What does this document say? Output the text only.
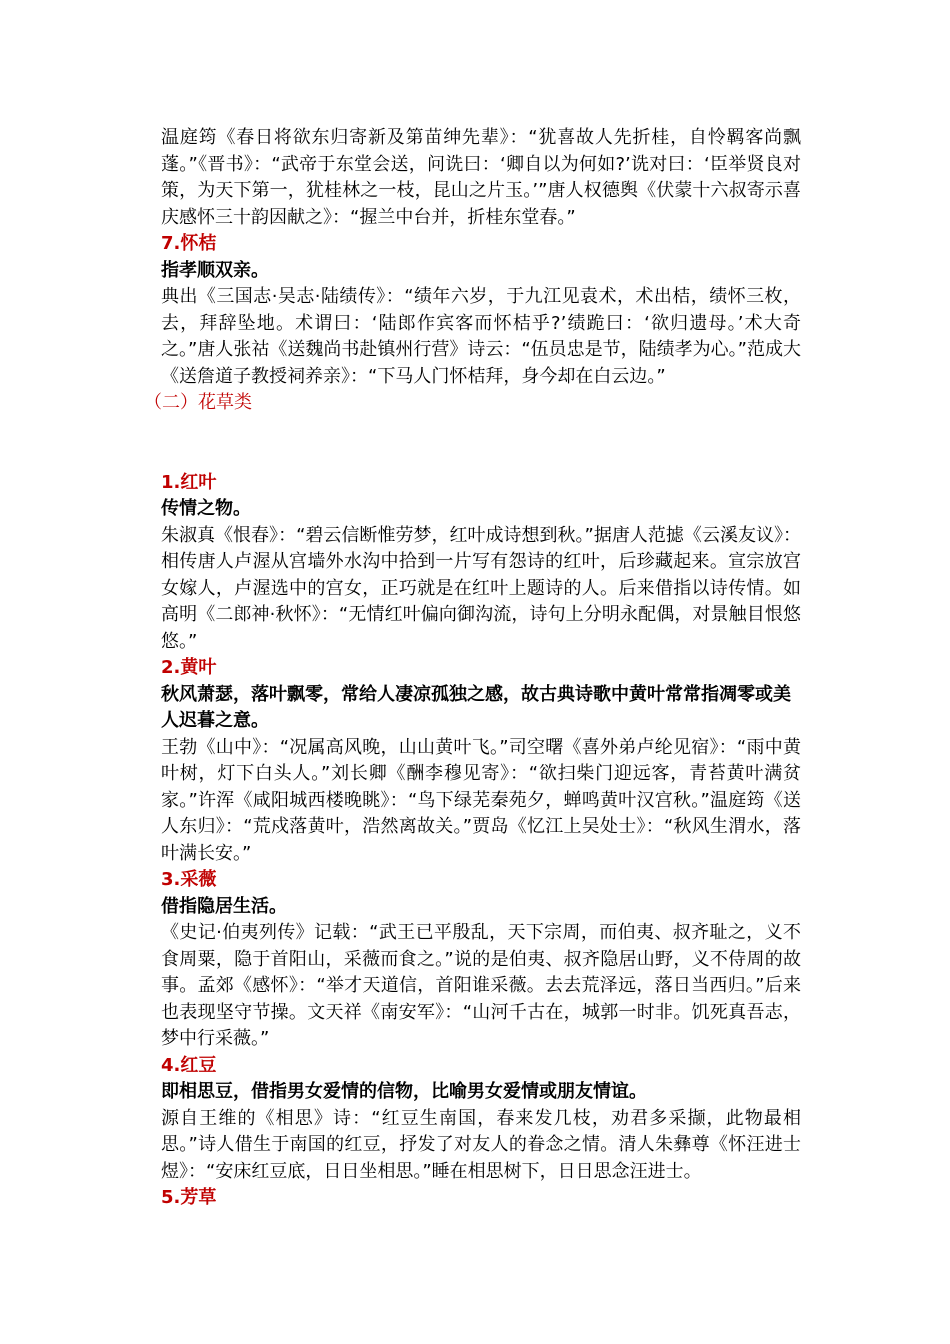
温庭筠《春日将欲东归寄新及第苗绅先辈》：“犹喜故人先折桂，自怜羁客尚飘蓬。”《晋书》：“武帝于东堂会送，问诜曰：‘卿自以为何如?’诜对曰：‘臣举贤良对策，为天下第一，犹桂林之一枝，昆山之片玉。’”唐人权德舆《伏蒙十六叔寄示喜庆感怀三十韵因献之》：“握兰中台并，折桂东堂春。”

7.怀桔

指孝顺双亲。

典出《三国志·吴志·陆绩传》：“绩年六岁，于九江见袁术，术出桔，绩怀三枚，去，拜辞坠地。术谓曰：‘陆郎作宾客而怀桔乎?’绩跪曰：‘欲归遗母。’术大奇之。”唐人张祜《送魏尚书赴镇州行营》诗云：“伍员忠是节，陆绩孝为心。”范成大《送詹道子教授祠养亲》：“下马人门怀桔拜，身今却在白云边。”

（二）花草类

1.红叶

传情之物。

朱淑真《恨春》：“碧云信断惟劳梦，红叶成诗想到秋。”据唐人范摅《云溪友议》：相传唐人卢渥从宫墙外水沟中拾到一片写有怨诗的红叶，后珍藏起来。宣宗放宫女嫁人，卢渥选中的宫女，正巧就是在红叶上题诗的人。后来借指以诗传情。如高明《二郎神·秋怀》：“无情红叶偏向御沟流，诗句上分明永配偶，对景触目恨悠悠。”

2.黄叶

秋风萧瑟，落叶飘零，常给人凄凉孤独之感，故古典诗歌中黄叶常常指凋零或美人迟暮之意。

王勃《山中》：“况属高风晚，山山黄叶飞。”司空曙《喜外弟卢纶见宿》：“雨中黄叶树，灯下白头人。”刘长卿《酬李穆见寄》：“欲扫柴门迎远客，青苔黄叶满贫家。”许浑《咸阳城西楼晚眺》：“鸟下绿芜秦苑夕，蝉鸣黄叶汉宫秋。”温庭筠《送人东归》：“荒戍落黄叶，浩然离故关。”贾岛《忆江上吴处士》：“秋风生渭水，落叶满长安。”

3.采薇

借指隐居生活。

《史记·伯夷列传》记载：“武王已平殷乱，天下宗周，而伯夷、叔齐耻之，义不食周粟，隐于首阳山，采薇而食之。”说的是伯夷、叔齐隐居山野，义不侍周的故事。孟郊《感怀》：“举才天道信，首阳谁采薇。去去荒泽远，落日当西归。”后来也表现坚守节操。文天祥《南安军》：“山河千古在，城郭一时非。饥死真吾志，梦中行采薇。”

4.红豆

即相思豆，借指男女爱情的信物，比喻男女爱情或朋友情谊。

源自王维的《相思》诗：“红豆生南国，春来发几枝，劝君多采撷，此物最相思。”诗人借生于南国的红豆，抒发了对友人的眷念之情。清人朱彝尊《怀汪进士煜》：“安床红豆底，日日坐相思。”睡在相思树下，日日思念汪进士。

5.芳草
